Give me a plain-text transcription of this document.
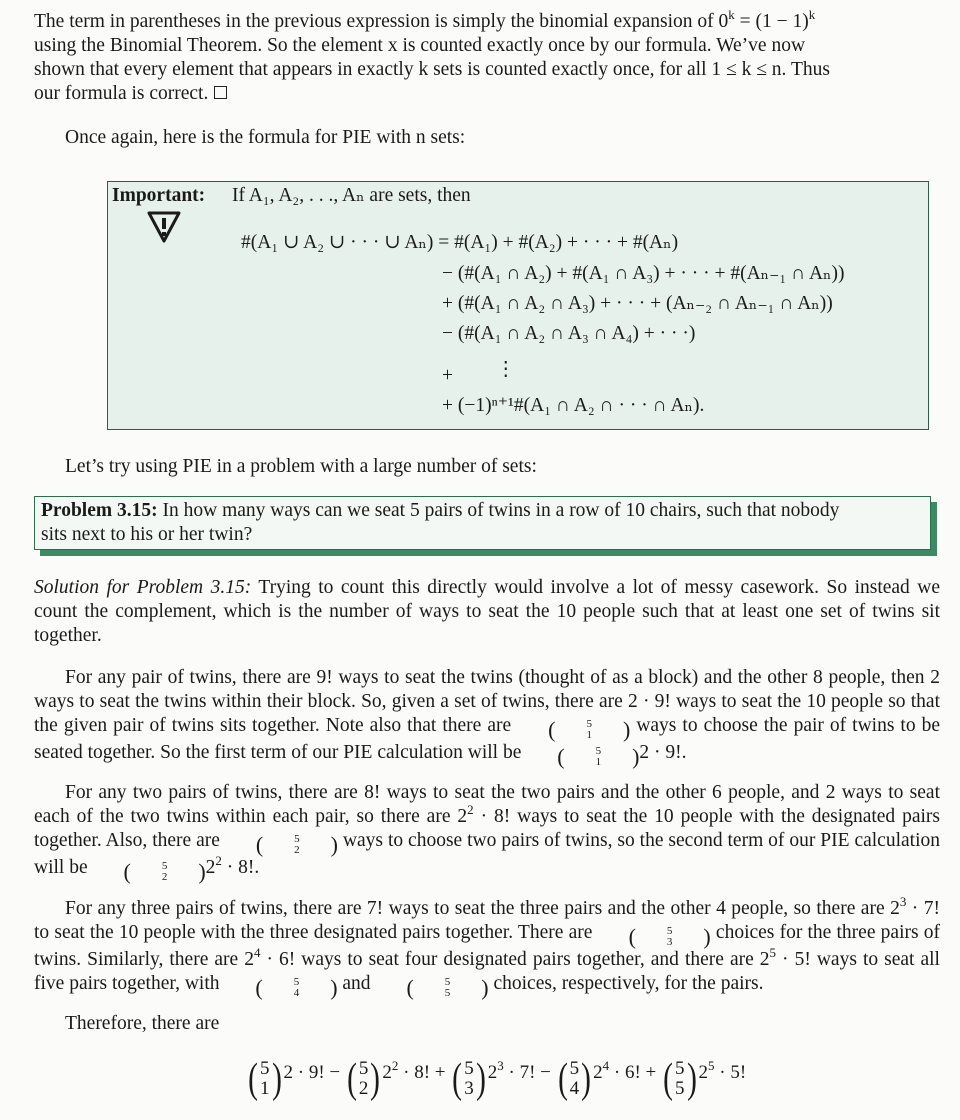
The term in parentheses in the previous expression is simply the binomial expansion of $0^k = (1 - 1)^k$

using the Binomial Theorem. So the element x is counted exactly once by our formula. We’ve now

shown that every element that appears in exactly k sets is counted exactly once, for all 1 ≤ k ≤ n. Thus

our formula is correct.

Once again, here is the formula for PIE with n sets:

Important: If A₁, A₂, . . ., Aₙ are sets, then
#(A₁ ∪ A₂ ∪ · · · ∪ Aₙ) = #(A₁) + #(A₂) + · · · + #(Aₙ)
− (#(A₁ ∩ A₂) + #(A₁ ∩ A₃) + · · · + #(Aₙ₋₁ ∩ Aₙ))
+ (#(A₁ ∩ A₂ ∩ A₃) + · · · + (Aₙ₋₂ ∩ Aₙ₋₁ ∩ Aₙ))
− (#(A₁ ∩ A₂ ∩ A₃ ∩ A₄) + · · ·)
+ ⋮
+ (−1)ⁿ⁺¹#(A₁ ∩ A₂ ∩ · · · ∩ Aₙ).

Let’s try using PIE in a problem with a large number of sets:

Problem 3.15: In how many ways can we seat 5 pairs of twins in a row of 10 chairs, such that nobody
sits next to his or her twin?

Solution for Problem 3.15: Trying to count this directly would involve a lot of messy casework. So instead we count the complement, which is the number of ways to seat the 10 people such that at least one set of twins sit together.

For any pair of twins, there are 9! ways to seat the twins (thought of as a block) and the other 8 people, then 2 ways to seat the twins within their block. So, given a set of twins, there are 2 · 9! ways to seat the 10 people so that the given pair of twins sits together. Note also that there are	(	5
1	) ways to choose the pair of twins to be seated together. So the first term of our PIE calculation will be	(	5
1	) 2 · 9!.

For any two pairs of twins, there are 8! ways to seat the two pairs and the other 6 people, and 2 ways to seat each of the two twins within each pair, so there are $2^2 \cdot 8$! ways to seat the 10 people with the designated pairs together. Also, there are	(	5
2	) ways to choose two pairs of twins, so the second term of our PIE calculation will be	(	5
2	) $2^2 \cdot 8$!.

For any three pairs of twins, there are 7! ways to seat the three pairs and the other 4 people, so there are $2^3 \cdot 7$! to seat the 10 people with the three designated pairs together. There are	(	5
3	) choices for the three pairs of twins. Similarly, there are $2^4 \cdot 6$! ways to seat four designated pairs together, and there are $2^5 \cdot 5$! ways to seat all five pairs together, with	(	5
4	) and	(	5
5	) choices, respectively, for the pairs.

Therefore, there are

( 5
1 ) 2 · 9! − ( 5
2 ) $2^2 \cdot 8$! + ( 5
3 ) $2^3 \cdot 7$! − ( 5
4 ) $2^4 \cdot 6$! + ( 5
5 ) $2^5 \cdot 5$!
